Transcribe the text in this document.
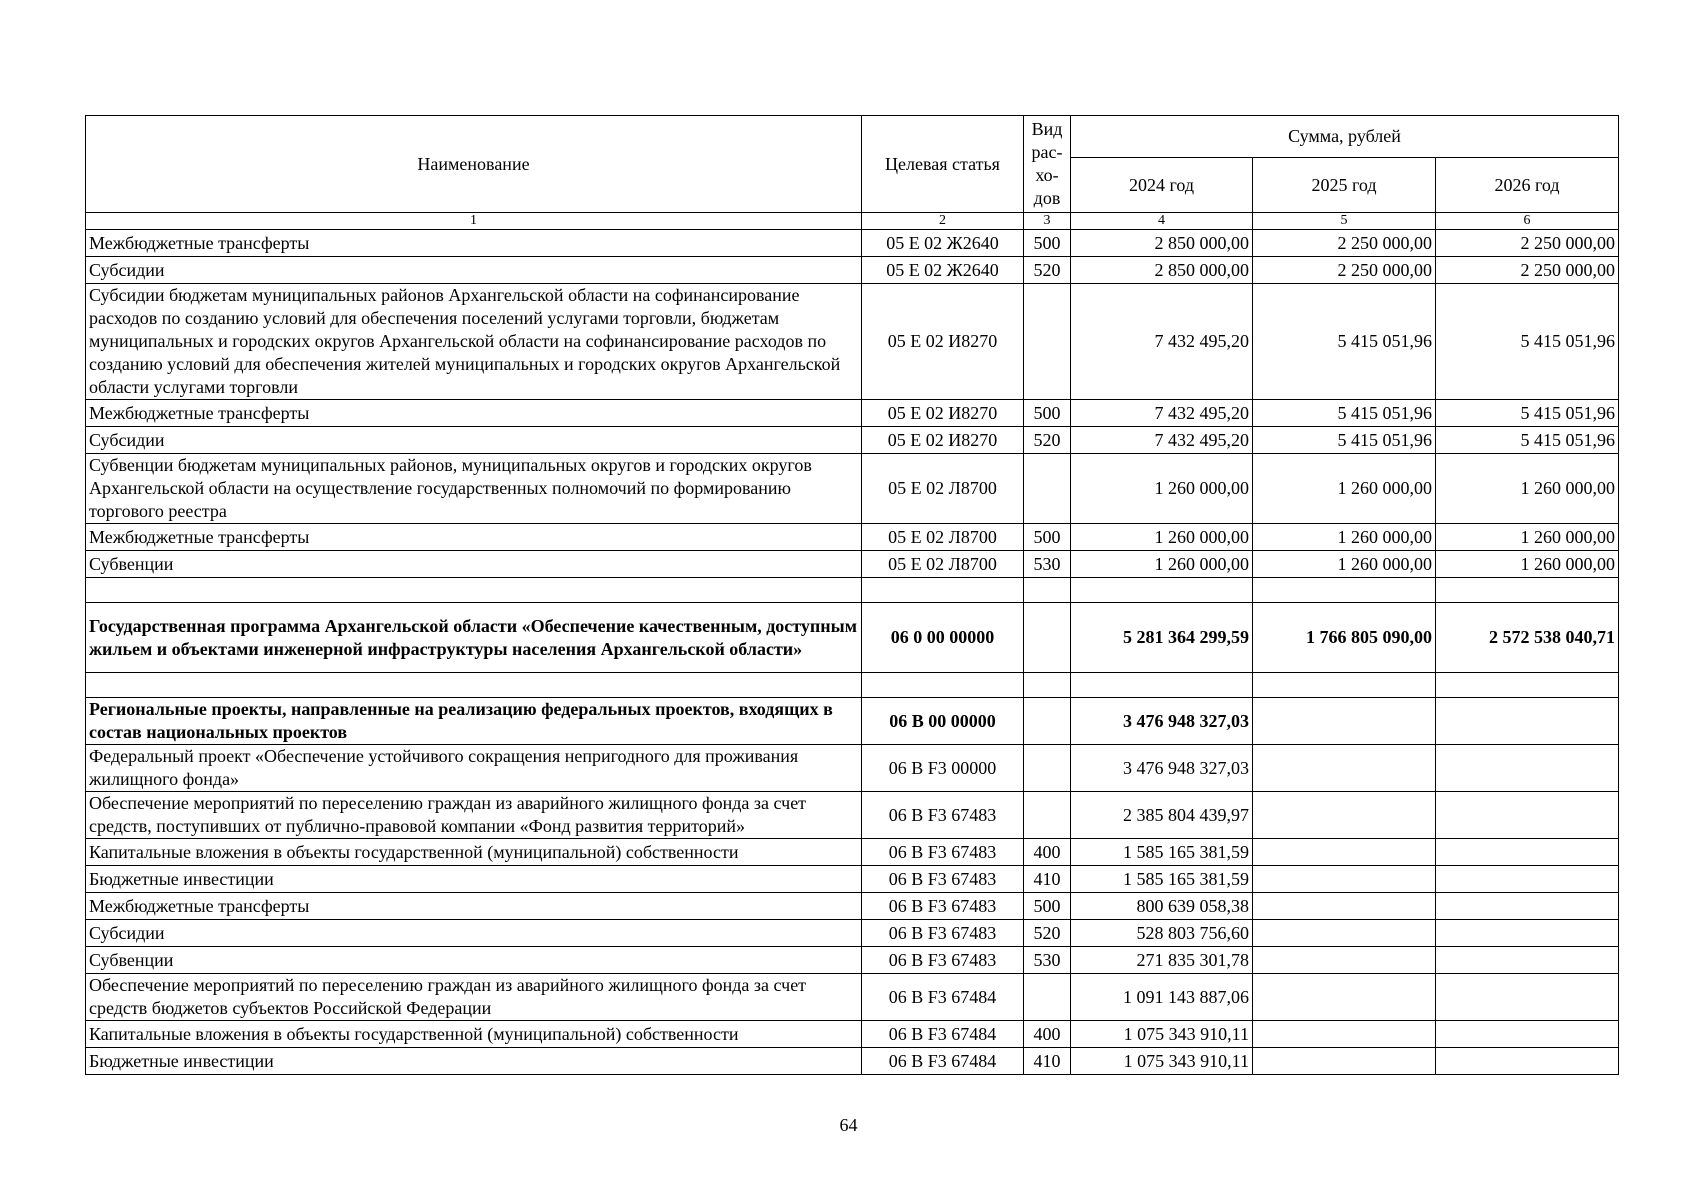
Наименование	Целевая статья	Вид рас-хо-дов	Сумма, рублей		
			2024 год	2025 год	2026 год
1	2	3	4	5	6
Межбюджетные трансферты	05 Е 02 Ж2640	500	2 850 000,00	2 250 000,00	2 250 000,00
Субсидии	05 Е 02 Ж2640	520	2 850 000,00	2 250 000,00	2 250 000,00
Субсидии бюджетам муниципальных районов Архангельской области на софинансирование расходов по созданию условий для обеспечения поселений услугами торговли, бюджетам муниципальных и городских округов Архангельской области на софинансирование расходов по созданию условий для обеспечения жителей муниципальных и городских округов Архангельской области услугами торговли	05 Е 02 И8270		7 432 495,20	5 415 051,96	5 415 051,96
Межбюджетные трансферты	05 Е 02 И8270	500	7 432 495,20	5 415 051,96	5 415 051,96
Субсидии	05 Е 02 И8270	520	7 432 495,20	5 415 051,96	5 415 051,96
Субвенции бюджетам муниципальных районов, муниципальных округов и городских округов Архангельской области на осуществление государственных полномочий по формированию торгового реестра	05 Е 02 Л8700		1 260 000,00	1 260 000,00	1 260 000,00
Межбюджетные трансферты	05 Е 02 Л8700	500	1 260 000,00	1 260 000,00	1 260 000,00
Субвенции	05 Е 02 Л8700	530	1 260 000,00	1 260 000,00	1 260 000,00

Государственная программа Архангельской области «Обеспечение качественным, доступным жильем и объектами инженерной инфраструктуры населения Архангельской области»	06 0 00 00000		5 281 364 299,59	1 766 805 090,00	2 572 538 040,71

Региональные проекты, направленные на реализацию федеральных проектов, входящих в состав национальных проектов	06 В 00 00000		3 476 948 327,03		
Федеральный проект «Обеспечение устойчивого сокращения непригодного для проживания жилищного фонда»	06 В F3 00000		3 476 948 327,03		
Обеспечение мероприятий по переселению граждан из аварийного жилищного фонда за счет средств, поступивших от публично-правовой компании «Фонд развития территорий»	06 В F3 67483		2 385 804 439,97		
Капитальные вложения в объекты государственной (муниципальной) собственности	06 В F3 67483	400	1 585 165 381,59		
Бюджетные инвестиции	06 В F3 67483	410	1 585 165 381,59		
Межбюджетные трансферты	06 В F3 67483	500	800 639 058,38		
Субсидии	06 В F3 67483	520	528 803 756,60		
Субвенции	06 В F3 67483	530	271 835 301,78		
Обеспечение мероприятий по переселению граждан из аварийного жилищного фонда за счет средств бюджетов субъектов Российской Федерации	06 В F3 67484		1 091 143 887,06		
Капитальные вложения в объекты государственной (муниципальной) собственности	06 В F3 67484	400	1 075 343 910,11		
Бюджетные инвестиции	06 В F3 67484	410	1 075 343 910,11		
64
